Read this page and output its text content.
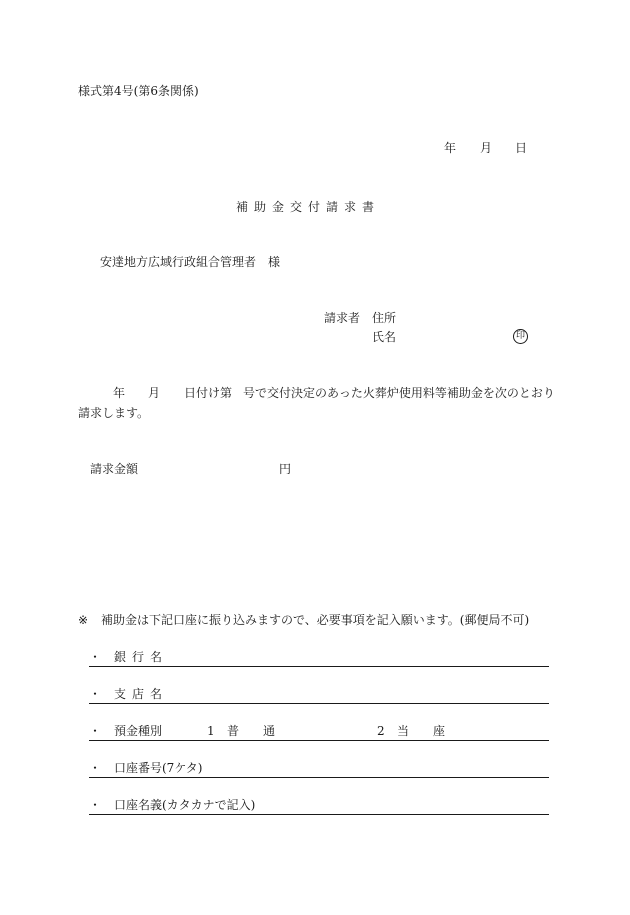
様式第4号(第6条関係)
年 月 日
補助金交付請求書
安達地方広域行政組合管理者　様
請求者 住所
氏名	印
年 月 日付け第 号で交付決定のあった火葬炉使用料等補助金を次のとおり
請求します。
請求金額	円
※ 補助金は下記口座に振り込みますので、必要事項を記入願います。(郵便局不可)
・ 銀行名
・ 支店名
・ 預金種別	1 普　　通	2 当　　座
・ 口座番号(7ケタ)
・ 口座名義(カタカナで記入)
